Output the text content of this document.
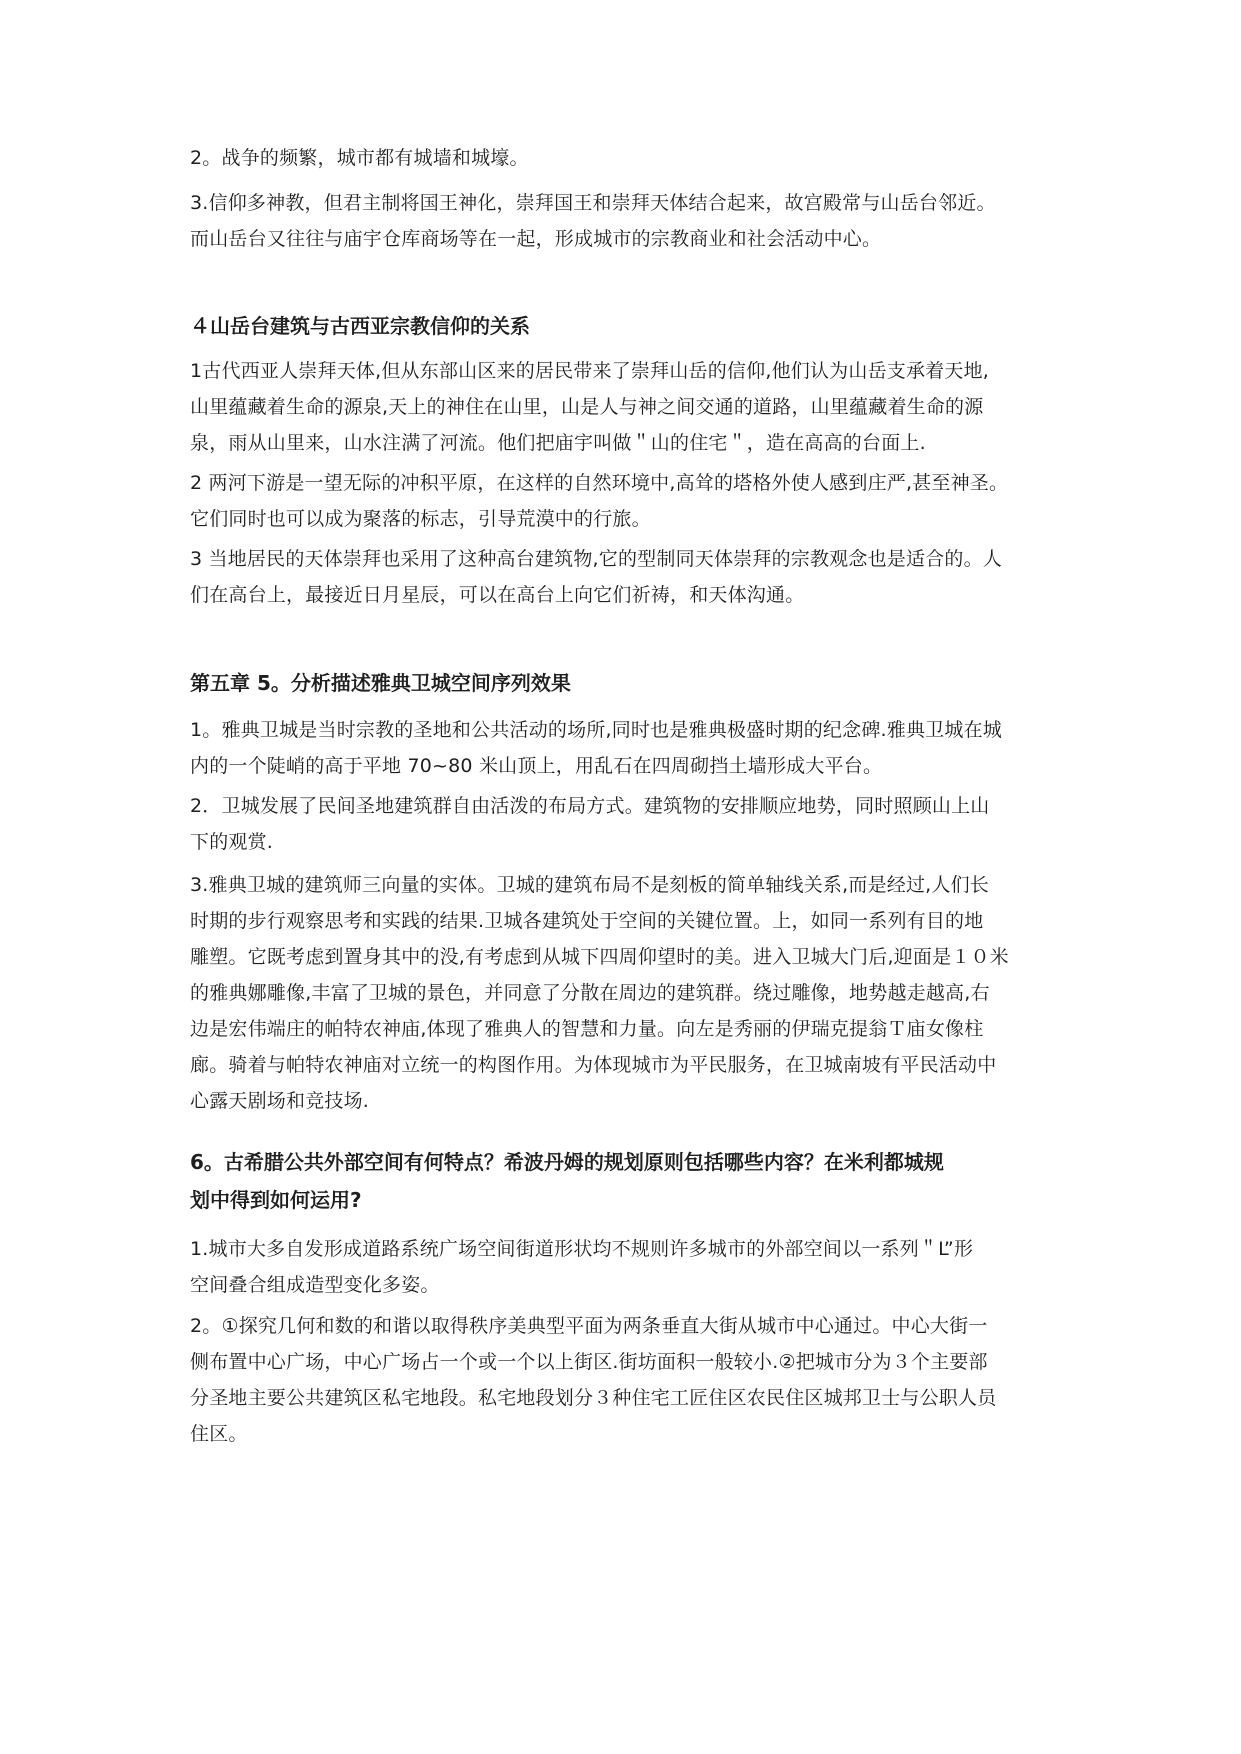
2。战争的频繁，城市都有城墙和城壕。

3.信仰多神教，但君主制将国王神化，崇拜国王和崇拜天体结合起来，故宫殿常与山岳台邻近。
而山岳台又往往与庙宇仓库商场等在一起，形成城市的宗教商业和社会活动中心。

４山岳台建筑与古西亚宗教信仰的关系

1古代西亚人崇拜天体,但从东部山区来的居民带来了崇拜山岳的信仰,他们认为山岳支承着天地,
山里蕴藏着生命的源泉,天上的神住在山里，山是人与神之间交通的道路，山里蕴藏着生命的源
泉，雨从山里来，山水注满了河流。他们把庙宇叫做＂山的住宅＂，造在高高的台面上.

2 两河下游是一望无际的冲积平原，在这样的自然环境中,高耸的塔格外使人感到庄严,甚至神圣。
它们同时也可以成为聚落的标志，引导荒漠中的行旅。

3 当地居民的天体崇拜也采用了这种高台建筑物,它的型制同天体崇拜的宗教观念也是适合的。人
们在高台上，最接近日月星辰，可以在高台上向它们祈祷，和天体沟通。

第五章 5。分析描述雅典卫城空间序列效果

1。雅典卫城是当时宗教的圣地和公共活动的场所,同时也是雅典极盛时期的纪念碑.雅典卫城在城
内的一个陡峭的高于平地 70~80 米山顶上，用乱石在四周砌挡土墙形成大平台。

2．卫城发展了民间圣地建筑群自由活泼的布局方式。建筑物的安排顺应地势，同时照顾山上山
下的观赏.

3.雅典卫城的建筑师三向量的实体。卫城的建筑布局不是刻板的简单轴线关系,而是经过,人们长
时期的步行观察思考和实践的结果.卫城各建筑处于空间的关键位置。上，如同一系列有目的地
雕塑。它既考虑到置身其中的没,有考虑到从城下四周仰望时的美。进入卫城大门后,迎面是１０米
的雅典娜雕像,丰富了卫城的景色，并同意了分散在周边的建筑群。绕过雕像，地势越走越高,右
边是宏伟端庄的帕特农神庙,体现了雅典人的智慧和力量。向左是秀丽的伊瑞克提翁Ｔ庙女像柱
廊。骑着与帕特农神庙对立统一的构图作用。为体现城市为平民服务，在卫城南坡有平民活动中
心露天剧场和竞技场.

6。古希腊公共外部空间有何特点？希波丹姆的规划原则包括哪些内容？在米利都城规
划中得到如何运用?

1.城市大多自发形成道路系统广场空间街道形状均不规则许多城市的外部空间以一系列＂L”形
空间叠合组成造型变化多姿。

2。①探究几何和数的和谐以取得秩序美典型平面为两条垂直大街从城市中心通过。中心大街一
侧布置中心广场，中心广场占一个或一个以上街区.街坊面积一般较小.②把城市分为３个主要部
分圣地主要公共建筑区私宅地段。私宅地段划分３种住宅工匠住区农民住区城邦卫士与公职人员
住区。
